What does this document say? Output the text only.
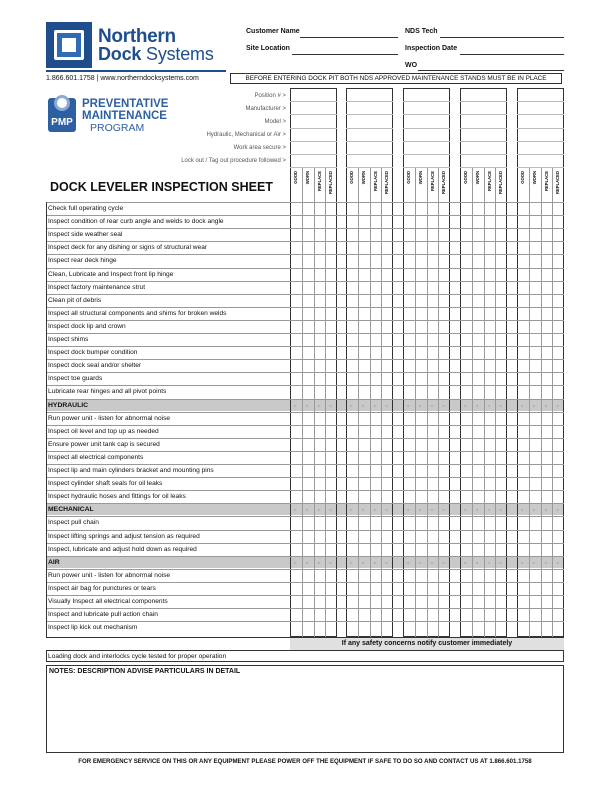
Northern
Dock Systems
1.866.601.1758 | www.northerndocksystems.com
Customer Name
Site Location
NDS Tech
Inspection Date
WO
BEFORE ENTERING DOCK PIT BOTH NDS APPROVED MAINTENANCE STANDS MUST BE IN PLACE
PMP
PREVENTATIVE
MAINTENANCE
PROGRAM
Position # >
Manufacturer >
Model >
Hydraulic, Mechanical or Air >
Work area secure >
Lock out / Tag out procedure followed >
DOCK LEVELER INSPECTION SHEET
GOOD WORN REPLACE REPLACED	GOOD WORN REPLACE REPLACED	GOOD WORN REPLACE REPLACED	GOOD WORN REPLACE REPLACED	GOOD WORN REPLACE REPLACED
Check full operating cycle
Inspect condition of rear curb angle and welds to dock angle
Inspect side weather seal
Inspect deck for any dishing or signs of structural wear
Inspect rear deck hinge
Clean, Lubricate and Inspect front lip hinge
Inspect factory maintenance strut
Clean pit of debris
Inspect all structural components and shims for broken welds
Inspect dock lip and crown
Inspect shims
Inspect dock bumper condition
Inspect dock seal and/or shelter
Inspect toe guards
Lubricate rear hinges and all pivot points
HYDRAULIC	○ ○ ○ ○	○ ○ ○ ○	○ ○ ○ ○	○ ○ ○ ○	○ ○ ○ ○
Run power unit - listen for abnormal noise
Inspect oil level and top up as needed
Ensure power unit tank cap is secured
Inspect all electrical components
Inspect lip and main cylinders bracket and mounting pins
Inspect cylinder shaft seals for oil leaks
Inspect hydraulic hoses and fittings for oil leaks
MECHANICAL	○ ○ ○ ○	○ ○ ○ ○	○ ○ ○ ○	○ ○ ○ ○	○ ○ ○ ○
Inspect pull chain
Inspect lifting springs and adjust tension as required
Inspect, lubricate and adjust hold down as required
AIR	○ ○ ○ ○	○ ○ ○ ○	○ ○ ○ ○	○ ○ ○ ○	○ ○ ○ ○
Run power unit - listen for abnormal noise
Inspect air bag for punctures or tears
Visually Inspect all electrical components
Inspect and lubricate pull action chain
Inspect lip kick out mechanism
If any safety concerns notify customer immediately
Loading dock and interlocks cycle tested for proper operation
NOTES: DESCRIPTION ADVISE PARTICULARS IN DETAIL
FOR EMERGENCY SERVICE ON THIS OR ANY EQUIPMENT PLEASE POWER OFF THE EQUIPMENT IF SAFE TO DO SO AND CONTACT US AT 1.866.601.1758
